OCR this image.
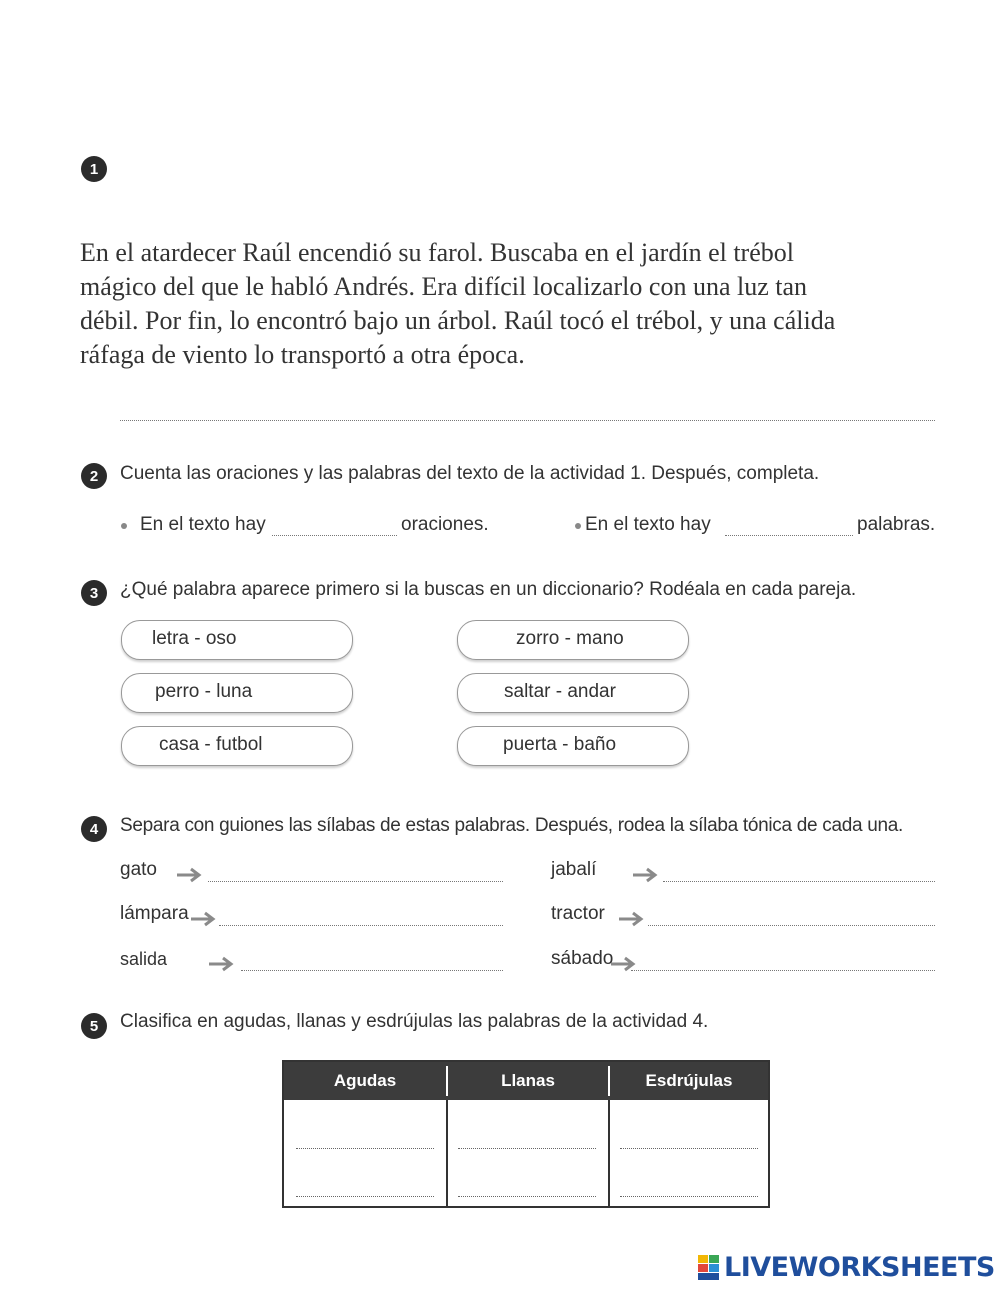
1
En el atardecer Raúl encendió su farol. Buscaba en el jardín el trébol
mágico del que le habló Andrés. Era difícil localizarlo con una luz tan
débil. Por fin, lo encontró bajo un árbol. Raúl tocó el trébol, y una cálida
ráfaga de viento lo transportó a otra época.
2	Cuenta las oraciones y las palabras del texto de la actividad 1. Después, completa.
En el texto hay	oraciones.	En el texto hay	palabras.
3	¿Qué palabra aparece primero si la buscas en un diccionario? Rodéala en cada pareja.
letra - oso	zorro - mano
perro - luna	saltar - andar
casa - futbol	puerta - baño
4	Separa con guiones las sílabas de estas palabras. Después, rodea la sílaba tónica de cada una.
gato	jabalí
lámpara	tractor
salida	sábado
5	Clasifica en agudas, llanas y esdrújulas las palabras de la actividad 4.
Agudas	Llanas	Esdrújulas
LIVEWORKSHEETS
